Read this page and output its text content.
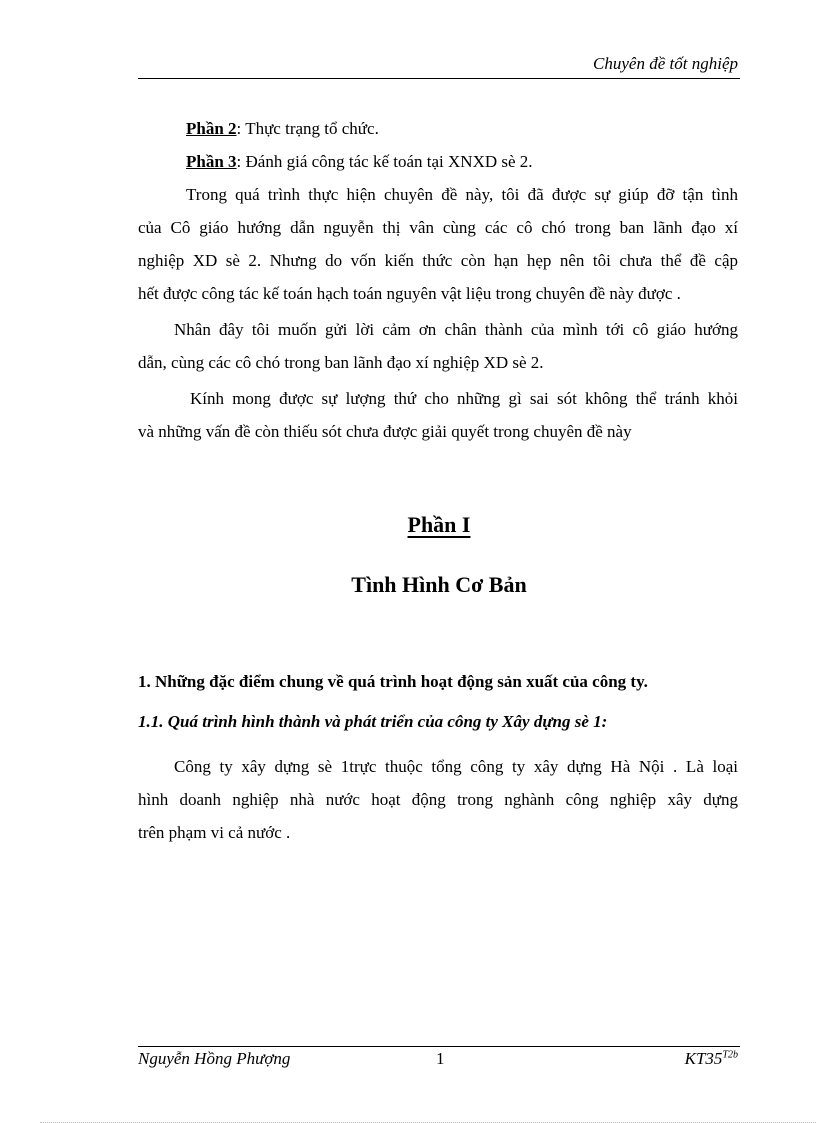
Chuyên đề tốt nghiệp
Phần 2: Thực trạng tổ chức.
Phần 3: Đánh giá công tác kế toán tại XNXD sè 2.
Trong quá trình thực hiện chuyên đề này, tôi đã được sự giúp đỡ tận tình
của Cô giáo hướng dẫn nguyễn thị vân cùng các cô chó trong ban lãnh đạo xí
nghiệp XD sè 2. Nhưng do vốn kiến thức còn hạn hẹp nên tôi chưa thể đề cập
hết được công tác kế toán hạch toán nguyên vật liệu trong chuyên đề này được .
Nhân đây tôi muốn gửi lời cảm ơn chân thành của mình tới cô giáo hướng
dẫn, cùng các cô chó trong ban lãnh đạo xí nghiệp XD sè 2.
Kính mong được sự lượng thứ cho những gì sai sót không thể tránh khỏi
và những vấn đề còn thiếu sót chưa được giải quyết trong chuyên đề này
Phần I
Tình Hình Cơ Bản
1. Những đặc điểm chung về quá trình hoạt động sản xuất của công ty.
1.1. Quá trình hình thành và phát triển của công ty Xây dựng sè 1:
Công ty xây dựng sè 1trực thuộc tổng công ty xây dựng Hà Nội . Là loại
hình doanh nghiệp nhà nước hoạt động trong nghành công nghiệp xây dựng
trên phạm vi cả nước .
Nguyễn Hồng Phượng	1	$KT35^{T2b}$
